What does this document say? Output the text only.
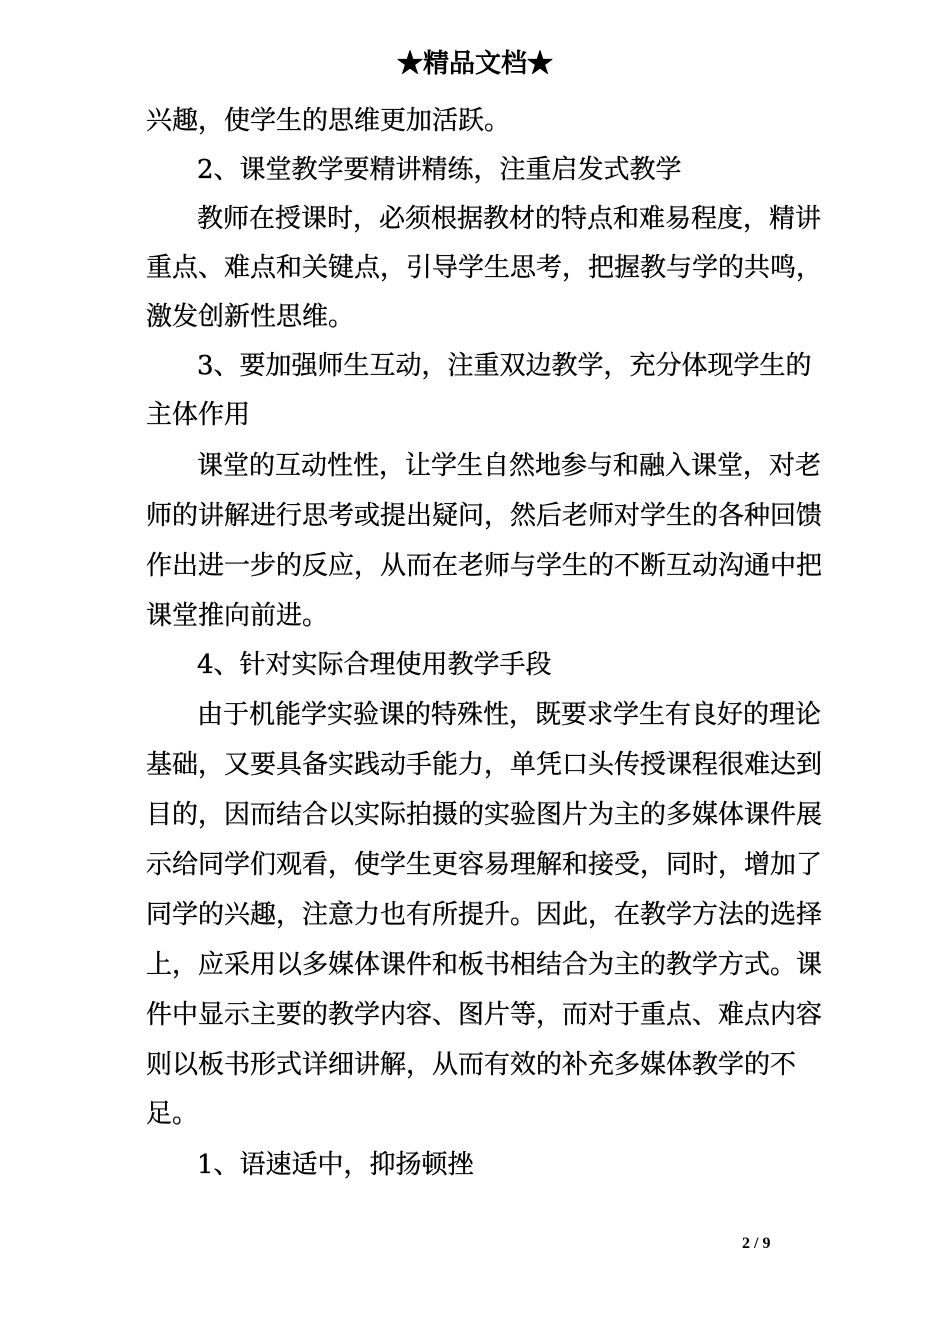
★精品文档★
兴趣，使学生的思维更加活跃。
2、课堂教学要精讲精练，注重启发式教学
教师在授课时，必须根据教材的特点和难易程度，精讲
重点、难点和关键点，引导学生思考，把握教与学的共鸣，
激发创新性思维。
3、要加强师生互动，注重双边教学，充分体现学生的
主体作用
课堂的互动性性，让学生自然地参与和融入课堂，对老
师的讲解进行思考或提出疑问，然后老师对学生的各种回馈
作出进一步的反应，从而在老师与学生的不断互动沟通中把
课堂推向前进。
4、针对实际合理使用教学手段
由于机能学实验课的特殊性，既要求学生有良好的理论
基础，又要具备实践动手能力，单凭口头传授课程很难达到
目的，因而结合以实际拍摄的实验图片为主的多媒体课件展
示给同学们观看，使学生更容易理解和接受，同时，增加了
同学的兴趣，注意力也有所提升。因此，在教学方法的选择
上，应采用以多媒体课件和板书相结合为主的教学方式。课
件中显示主要的教学内容、图片等，而对于重点、难点内容
则以板书形式详细讲解，从而有效的补充多媒体教学的不
足。
1、语速适中，抑扬顿挫
2 / 9
